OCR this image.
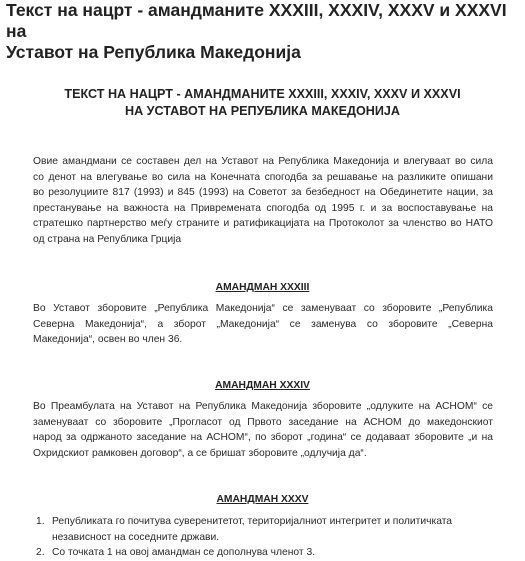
Текст на нацрт - амандманите XXXIII, XXXIV, XXXV и XXXVI на
Уставот на Република Македонија
ТЕКСТ НА НАЦРТ - АМАНДМАНИТЕ XXXIII, XXXIV, XXXV И XXXVI
НА УСТАВОТ НА РЕПУБЛИКА МАКЕДОНИЈА

Овие амандмани се составен дел на Уставот на Република Македонија и влегуваат во сила
со денот на влегување во сила на Конечната спогодба за решавање на разликите опишани
во резолуциите 817 (1993) и 845 (1993) на Советот за безбедност на Обединетите нации, за
престанување на важноста на Привремената спогодба од 1995 г. и за воспоставување на
стратешко партнерство меѓу страните и ратификацијата на Протоколот за членство во НАТО
од страна на Република Грција

АМАНДМАН XXXIII

Во Уставот зборовите „Република Македонија“ се заменуваат со зборовите „Република
Северна Македонија“, а зборот „Македонија“ се заменува со зборовите „Северна
Македонија“, освен во член 36.

АМАНДМАН XXXIV

Во Преамбулата на Уставот на Република Македонија зборовите „одлуките на АСНОМ“ се
заменуваат со зборовите „Прогласот од Првото заседание на АСНОМ до македонскиот
народ за одржаното заседание на АСНОМ“, по зборот „година“ се додаваат зборовите „и на
Охридскиот рамковен договор“, а се бришат зборовите „одлучија да“.

АМАНДМАН XXXV
1. Републиката го почитува суверенитетот, територијалниот интегритет и политичката
независност на соседните држави.
2. Со точката 1 на овој амандман се дополнува членот 3.
